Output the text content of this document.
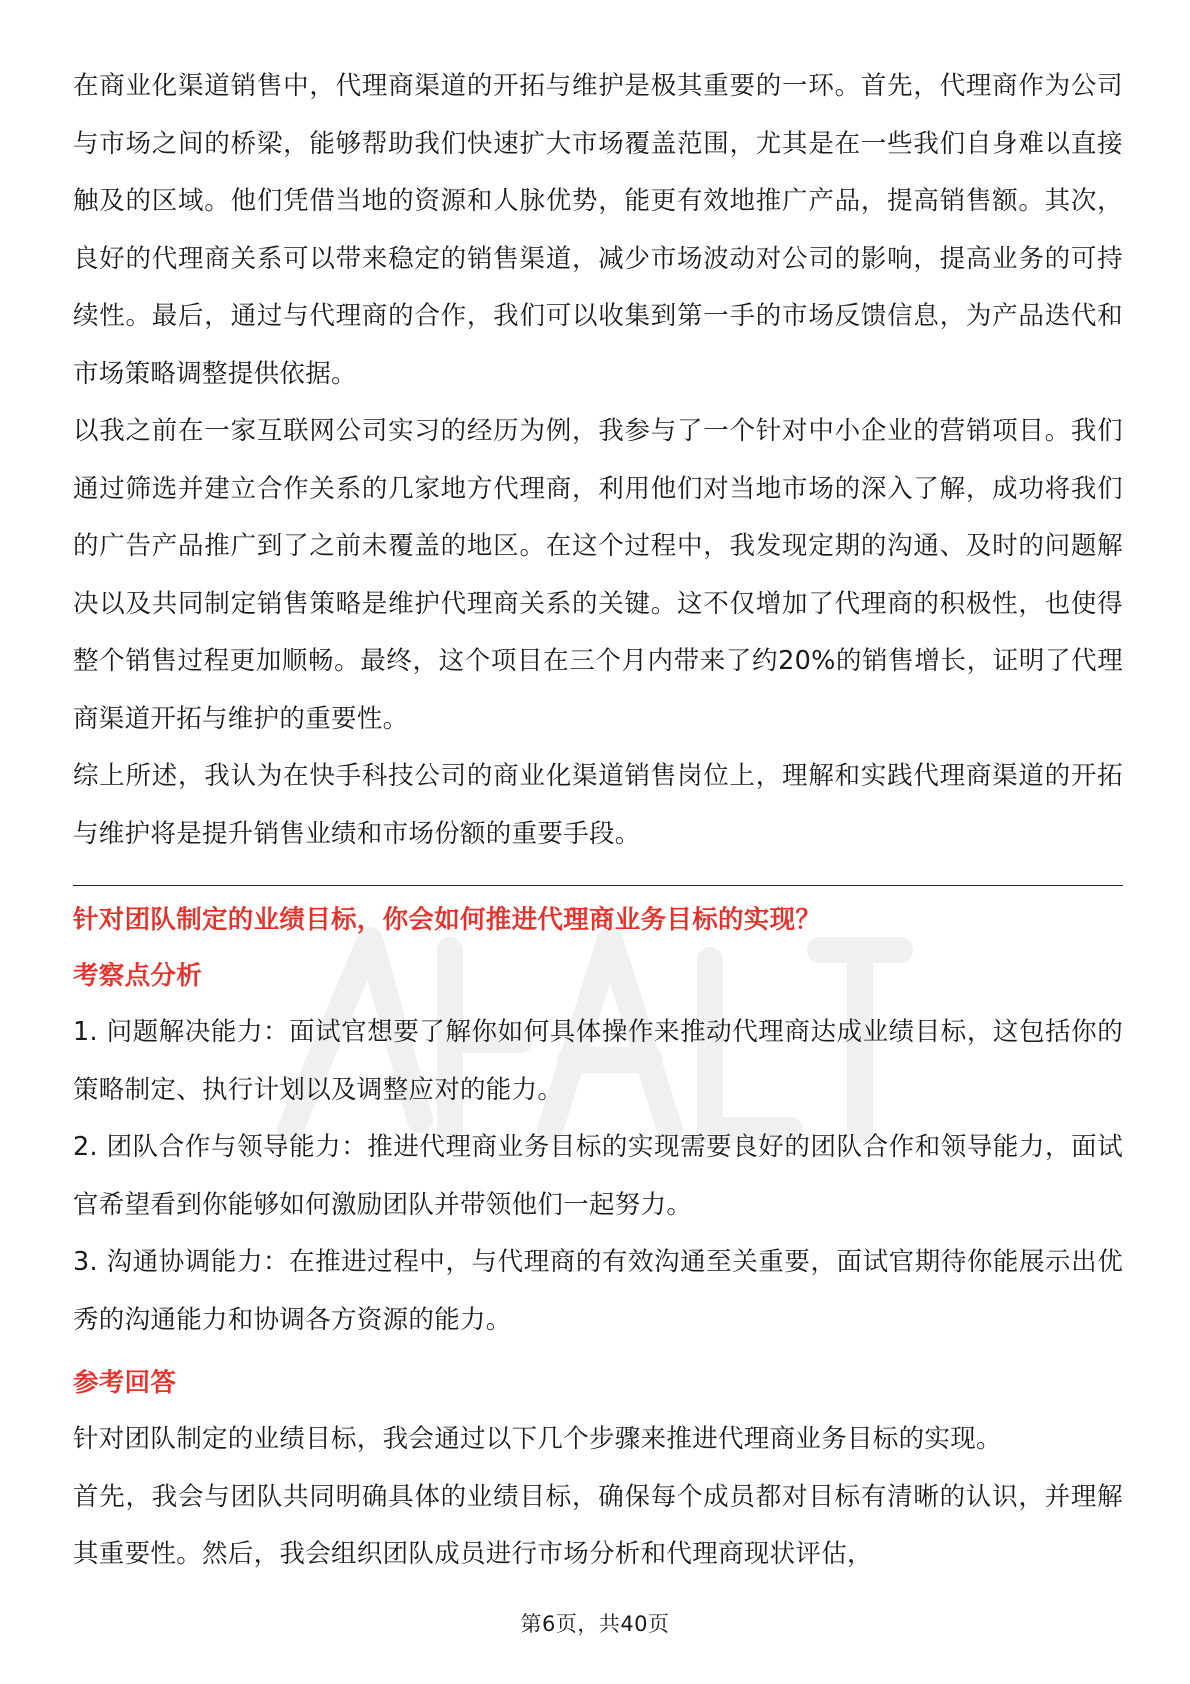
在商业化渠道销售中，代理商渠道的开拓与维护是极其重要的一环。首先，代理商作为公司与市场之间的桥梁，能够帮助我们快速扩大市场覆盖范围，尤其是在一些我们自身难以直接触及的区域。他们凭借当地的资源和人脉优势，能更有效地推广产品，提高销售额。其次，良好的代理商关系可以带来稳定的销售渠道，减少市场波动对公司的影响，提高业务的可持续性。最后，通过与代理商的合作，我们可以收集到第一手的市场反馈信息，为产品迭代和市场策略调整提供依据。

以我之前在一家互联网公司实习的经历为例，我参与了一个针对中小企业的营销项目。我们通过筛选并建立合作关系的几家地方代理商，利用他们对当地市场的深入了解，成功将我们的广告产品推广到了之前未覆盖的地区。在这个过程中，我发现定期的沟通、及时的问题解决以及共同制定销售策略是维护代理商关系的关键。这不仅增加了代理商的积极性，也使得整个销售过程更加顺畅。最终，这个项目在三个月内带来了约20%的销售增长，证明了代理商渠道开拓与维护的重要性。

综上所述，我认为在快手科技公司的商业化渠道销售岗位上，理解和实践代理商渠道的开拓与维护将是提升销售业绩和市场份额的重要手段。

针对团队制定的业绩目标，你会如何推进代理商业务目标的实现？

考察点分析

1. 问题解决能力：面试官想要了解你如何具体操作来推动代理商达成业绩目标，这包括你的策略制定、执行计划以及调整应对的能力。

2. 团队合作与领导能力：推进代理商业务目标的实现需要良好的团队合作和领导能力，面试官希望看到你能够如何激励团队并带领他们一起努力。

3. 沟通协调能力：在推进过程中，与代理商的有效沟通至关重要，面试官期待你能展示出优秀的沟通能力和协调各方资源的能力。

参考回答

针对团队制定的业绩目标，我会通过以下几个步骤来推进代理商业务目标的实现。

首先，我会与团队共同明确具体的业绩目标，确保每个成员都对目标有清晰的认识，并理解其重要性。然后，我会组织团队成员进行市场分析和代理商现状评估，

第6页，共40页
